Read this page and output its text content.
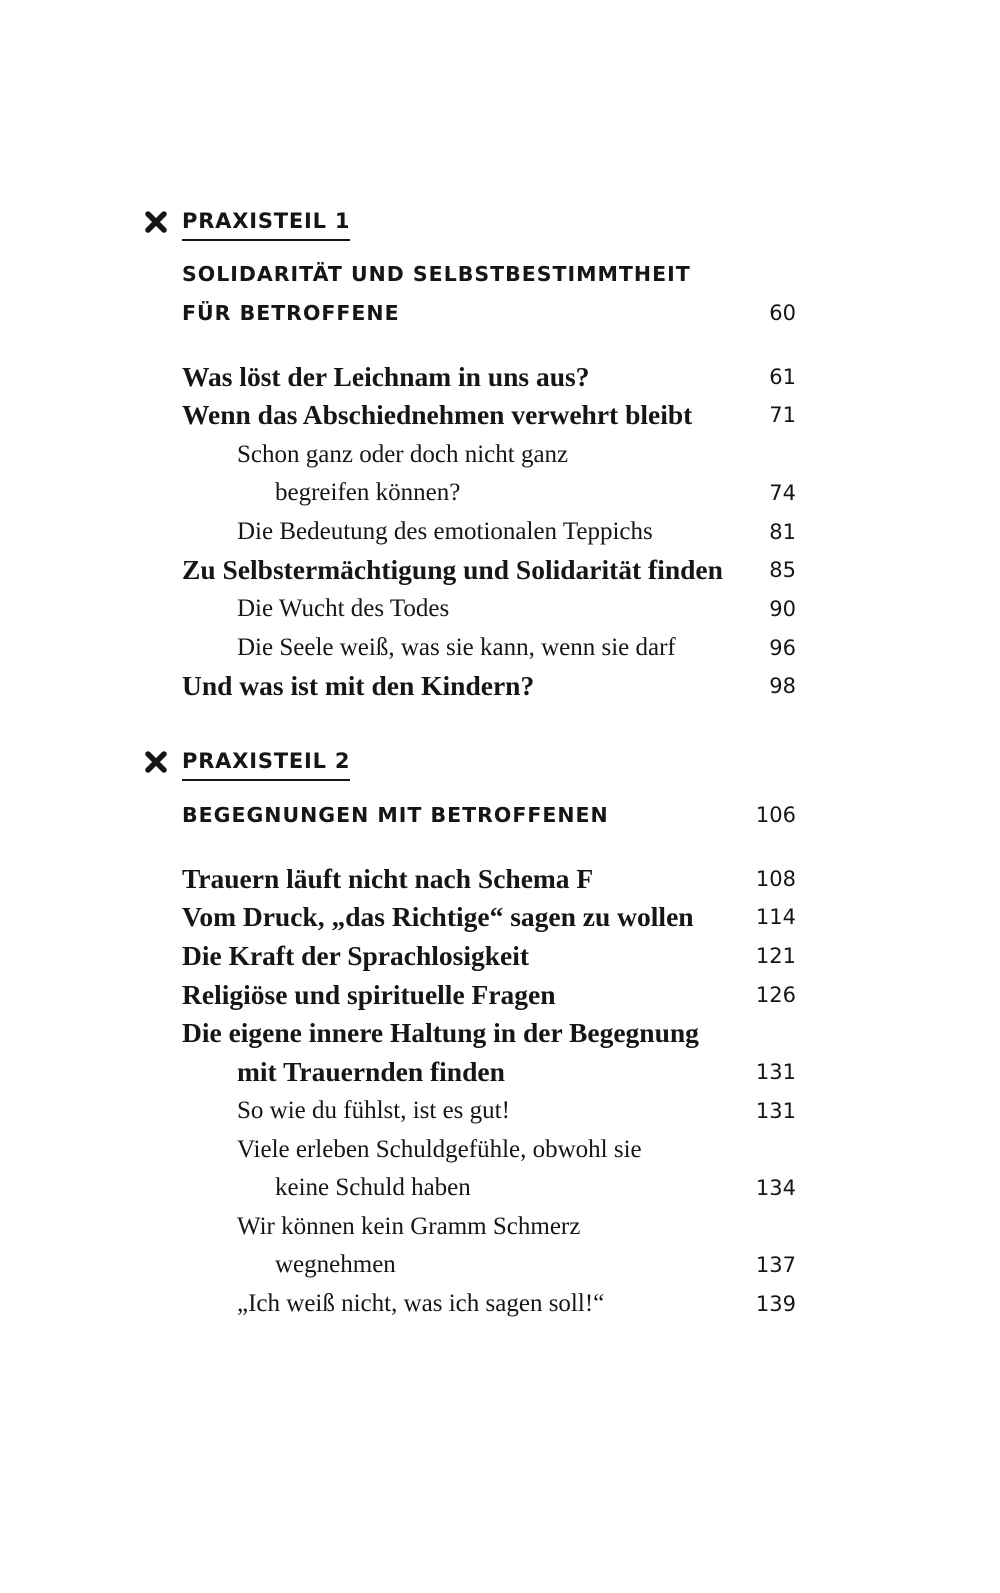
PRAXISTEIL 1
SOLIDARITÄT UND SELBSTBESTIMMTHEIT
FÜR BETROFFENE	60
Was löst der Leichnam in uns aus?	61
Wenn das Abschiednehmen verwehrt bleibt	71
Schon ganz oder doch nicht ganz
begreifen können?	74
Die Bedeutung des emotionalen Teppichs	81
Zu Selbstermächtigung und Solidarität finden	85
Die Wucht des Todes	90
Die Seele weiß, was sie kann, wenn sie darf	96
Und was ist mit den Kindern?	98
PRAXISTEIL 2
BEGEGNUNGEN MIT BETROFFENEN	106
Trauern läuft nicht nach Schema F	108
Vom Druck, „das Richtige“ sagen zu wollen	114
Die Kraft der Sprachlosigkeit	121
Religiöse und spirituelle Fragen	126
Die eigene innere Haltung in der Begegnung
mit Trauernden finden	131
So wie du fühlst, ist es gut!	131
Viele erleben Schuldgefühle, obwohl sie
keine Schuld haben	134
Wir können kein Gramm Schmerz
wegnehmen	137
„Ich weiß nicht, was ich sagen soll!“	139
